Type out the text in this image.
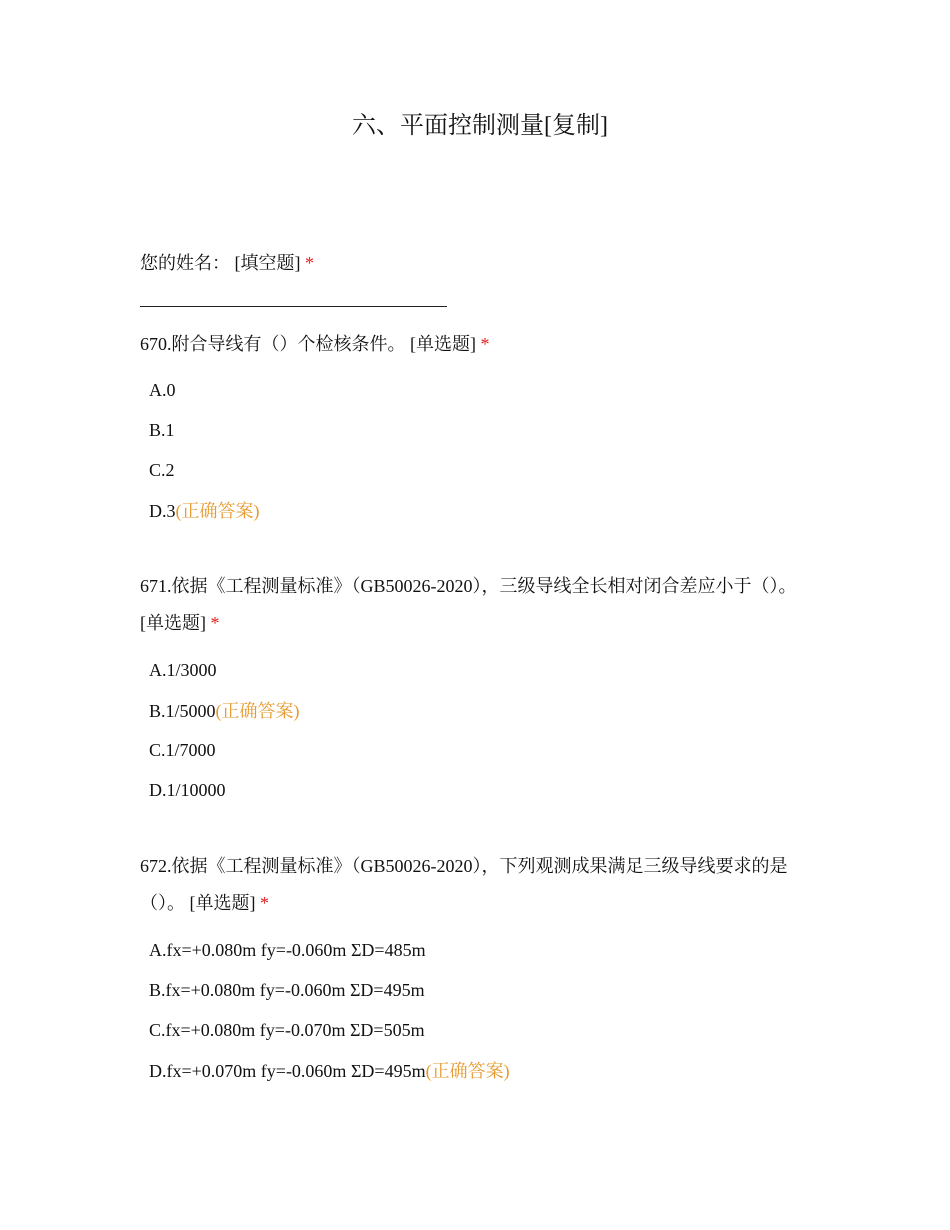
六、平面控制测量[复制]
您的姓名： [填空题] *
670.附合导线有（）个检核条件。 [单选题] *
A.0
B.1
C.2
D.3(正确答案)
671.依据《工程测量标准》（GB50026-2020），三级导线全长相对闭合差应小于（）。 [单选题] *
A.1/3000
B.1/5000(正确答案)
C.1/7000
D.1/10000
672.依据《工程测量标准》（GB50026-2020），下列观测成果满足三级导线要求的是（）。 [单选题] *
A.fx=+0.080m fy=-0.060m ΣD=485m
B.fx=+0.080m fy=-0.060m ΣD=495m
C.fx=+0.080m fy=-0.070m ΣD=505m
D.fx=+0.070m fy=-0.060m ΣD=495m(正确答案)
